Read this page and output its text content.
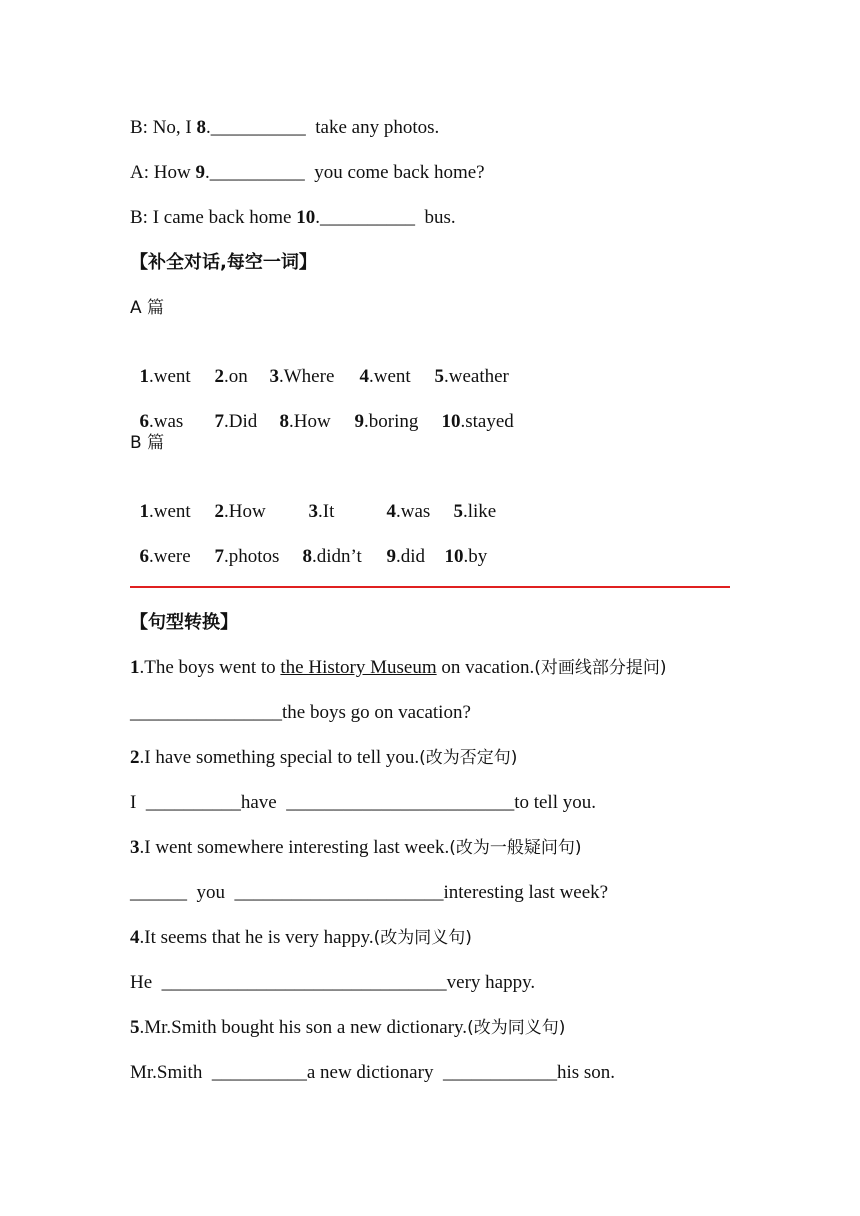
B: No, I 8.__________  take any photos.
A: How 9.__________  you come back home?
B: I came back home 10.__________  bus.
【补全对话,每空一词】
A 篇

1.went 2.on 3.Where 4.went 5.weather

6.was 7.Did 8.How 9.boring 10.stayed

B 篇

1.went 2.How 3.It	4.was 5.like

6.were 7.photos 8.didn’t 9.did 10.by

【句型转换】
1.The boys went to the History Museum on vacation.(对画线部分提问)
________________the boys go on vacation?
2.I have something special to tell you.(改为否定句)
I  __________have  ________________________to tell you.
3.I went somewhere interesting last week.(改为一般疑问句)
______  you  ______________________interesting last week?
4.It seems that he is very happy.(改为同义句)
He  ______________________________very happy.
5.Mr.Smith bought his son a new dictionary.(改为同义句)
Mr.Smith  __________a new dictionary  ____________his son.
